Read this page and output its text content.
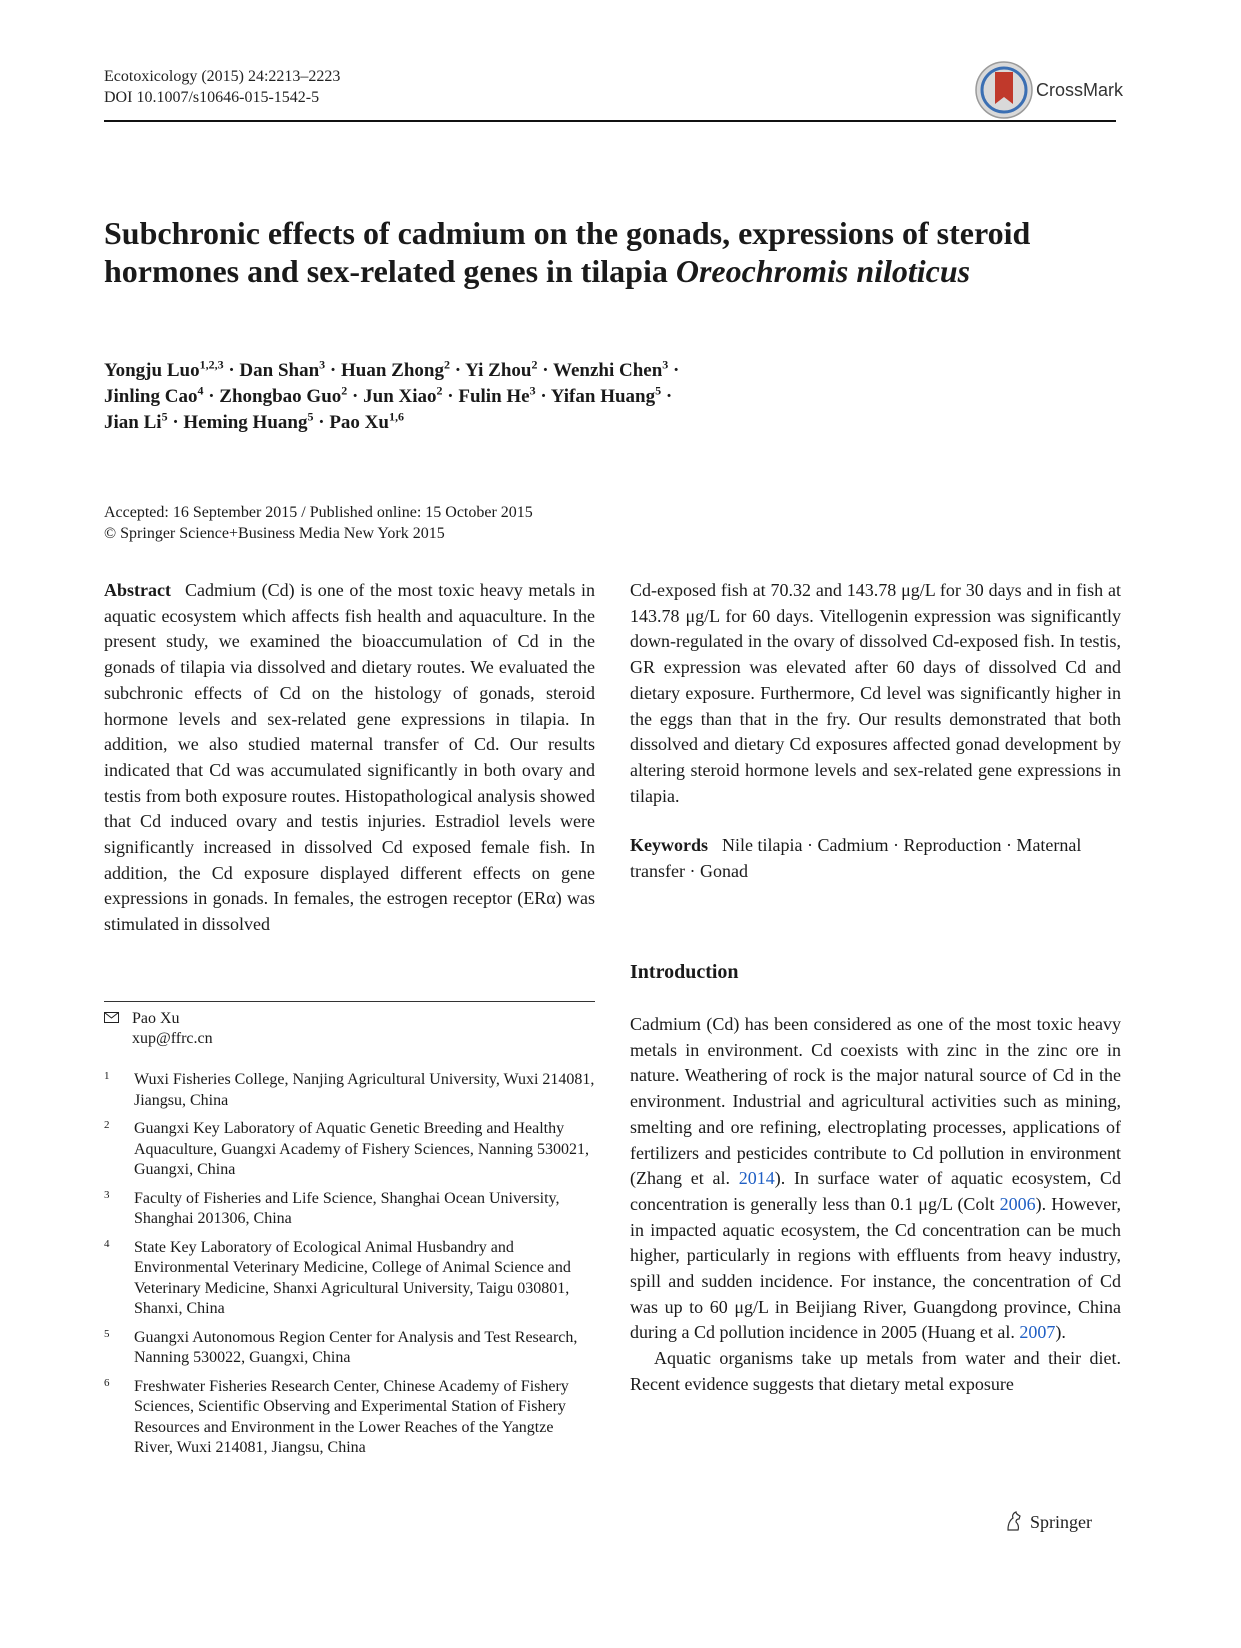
Ecotoxicology (2015) 24:2213–2223
DOI 10.1007/s10646-015-1542-5	CrossMark
Subchronic effects of cadmium on the gonads, expressions of steroid hormones and sex-related genes in tilapia Oreochromis niloticus
Yongju Luo$^{1,2,3}$ · Dan Shan$^3$ · Huan Zhong$^2$ · Yi Zhou$^2$ · Wenzhi Chen$^3$ ·
Jinling Cao$^4$ · Zhongbao Guo$^2$ · Jun Xiao$^2$ · Fulin $He^3$ · Yifan Huang$^5$ ·
Jian $Li^5 \cdot Heming$ Huang$^5$ · Pao Xu$^{1,6}$
Accepted: 16 September 2015 / Published online: 15 October 2015
© Springer Science+Business Media New York 2015
Abstract Cadmium (Cd) is one of the most toxic heavy metals in aquatic ecosystem which affects fish health and aquaculture. In the present study, we examined the bioaccumulation of Cd in the gonads of tilapia via dissolved and dietary routes. We evaluated the subchronic effects of Cd on the histology of gonads, steroid hormone levels and sex-related gene expressions in tilapia. In addition, we also studied maternal transfer of Cd. Our results indicated that Cd was accumulated significantly in both ovary and testis from both exposure routes. Histopathological analysis showed that Cd induced ovary and testis injuries. Estradiol levels were significantly increased in dissolved Cd exposed female fish. In addition, the Cd exposure displayed different effects on gene expressions in gonads. In females, the estrogen receptor (ERα) was stimulated in dissolved
Cd-exposed fish at 70.32 and 143.78 μg/L for 30 days and in fish at 143.78 μg/L for 60 days. Vitellogenin expression was significantly down-regulated in the ovary of dissolved Cd-exposed fish. In testis, GR expression was elevated after 60 days of dissolved Cd and dietary exposure. Furthermore, Cd level was significantly higher in the eggs than that in the fry. Our results demonstrated that both dissolved and dietary Cd exposures affected gonad development by altering steroid hormone levels and sex-related gene expressions in tilapia.
Keywords Nile tilapia · Cadmium · Reproduction · Maternal transfer · Gonad
Introduction

Cadmium (Cd) has been considered as one of the most toxic heavy metals in environment. Cd coexists with zinc in the zinc ore in nature. Weathering of rock is the major natural source of Cd in the environment. Industrial and agricultural activities such as mining, smelting and ore refining, electroplating processes, applications of fertilizers and pesticides contribute to Cd pollution in environment (Zhang et al. 2014). In surface water of aquatic ecosystem, Cd concentration is generally less than 0.1 μg/L (Colt 2006). However, in impacted aquatic ecosystem, the Cd concentration can be much higher, particularly in regions with effluents from heavy industry, spill and sudden incidence. For instance, the concentration of Cd was up to 60 μg/L in Beijiang River, Guangdong province, China during a Cd pollution incidence in 2005 (Huang et al. 2007).

Aquatic organisms take up metals from water and their diet. Recent evidence suggests that dietary metal exposure

Pao Xu
xup@ffrc.cn
1 Wuxi Fisheries College, Nanjing Agricultural University, Wuxi 214081, Jiangsu, China
2 Guangxi Key Laboratory of Aquatic Genetic Breeding and Healthy Aquaculture, Guangxi Academy of Fishery Sciences, Nanning 530021, Guangxi, China
3 Faculty of Fisheries and Life Science, Shanghai Ocean University, Shanghai 201306, China
4 State Key Laboratory of Ecological Animal Husbandry and Environmental Veterinary Medicine, College of Animal Science and Veterinary Medicine, Shanxi Agricultural University, Taigu 030801, Shanxi, China
5 Guangxi Autonomous Region Center for Analysis and Test Research, Nanning 530022, Guangxi, China
6 Freshwater Fisheries Research Center, Chinese Academy of Fishery Sciences, Scientific Observing and Experimental Station of Fishery Resources and Environment in the Lower Reaches of the Yangtze River, Wuxi 214081, Jiangsu, China
Springer
